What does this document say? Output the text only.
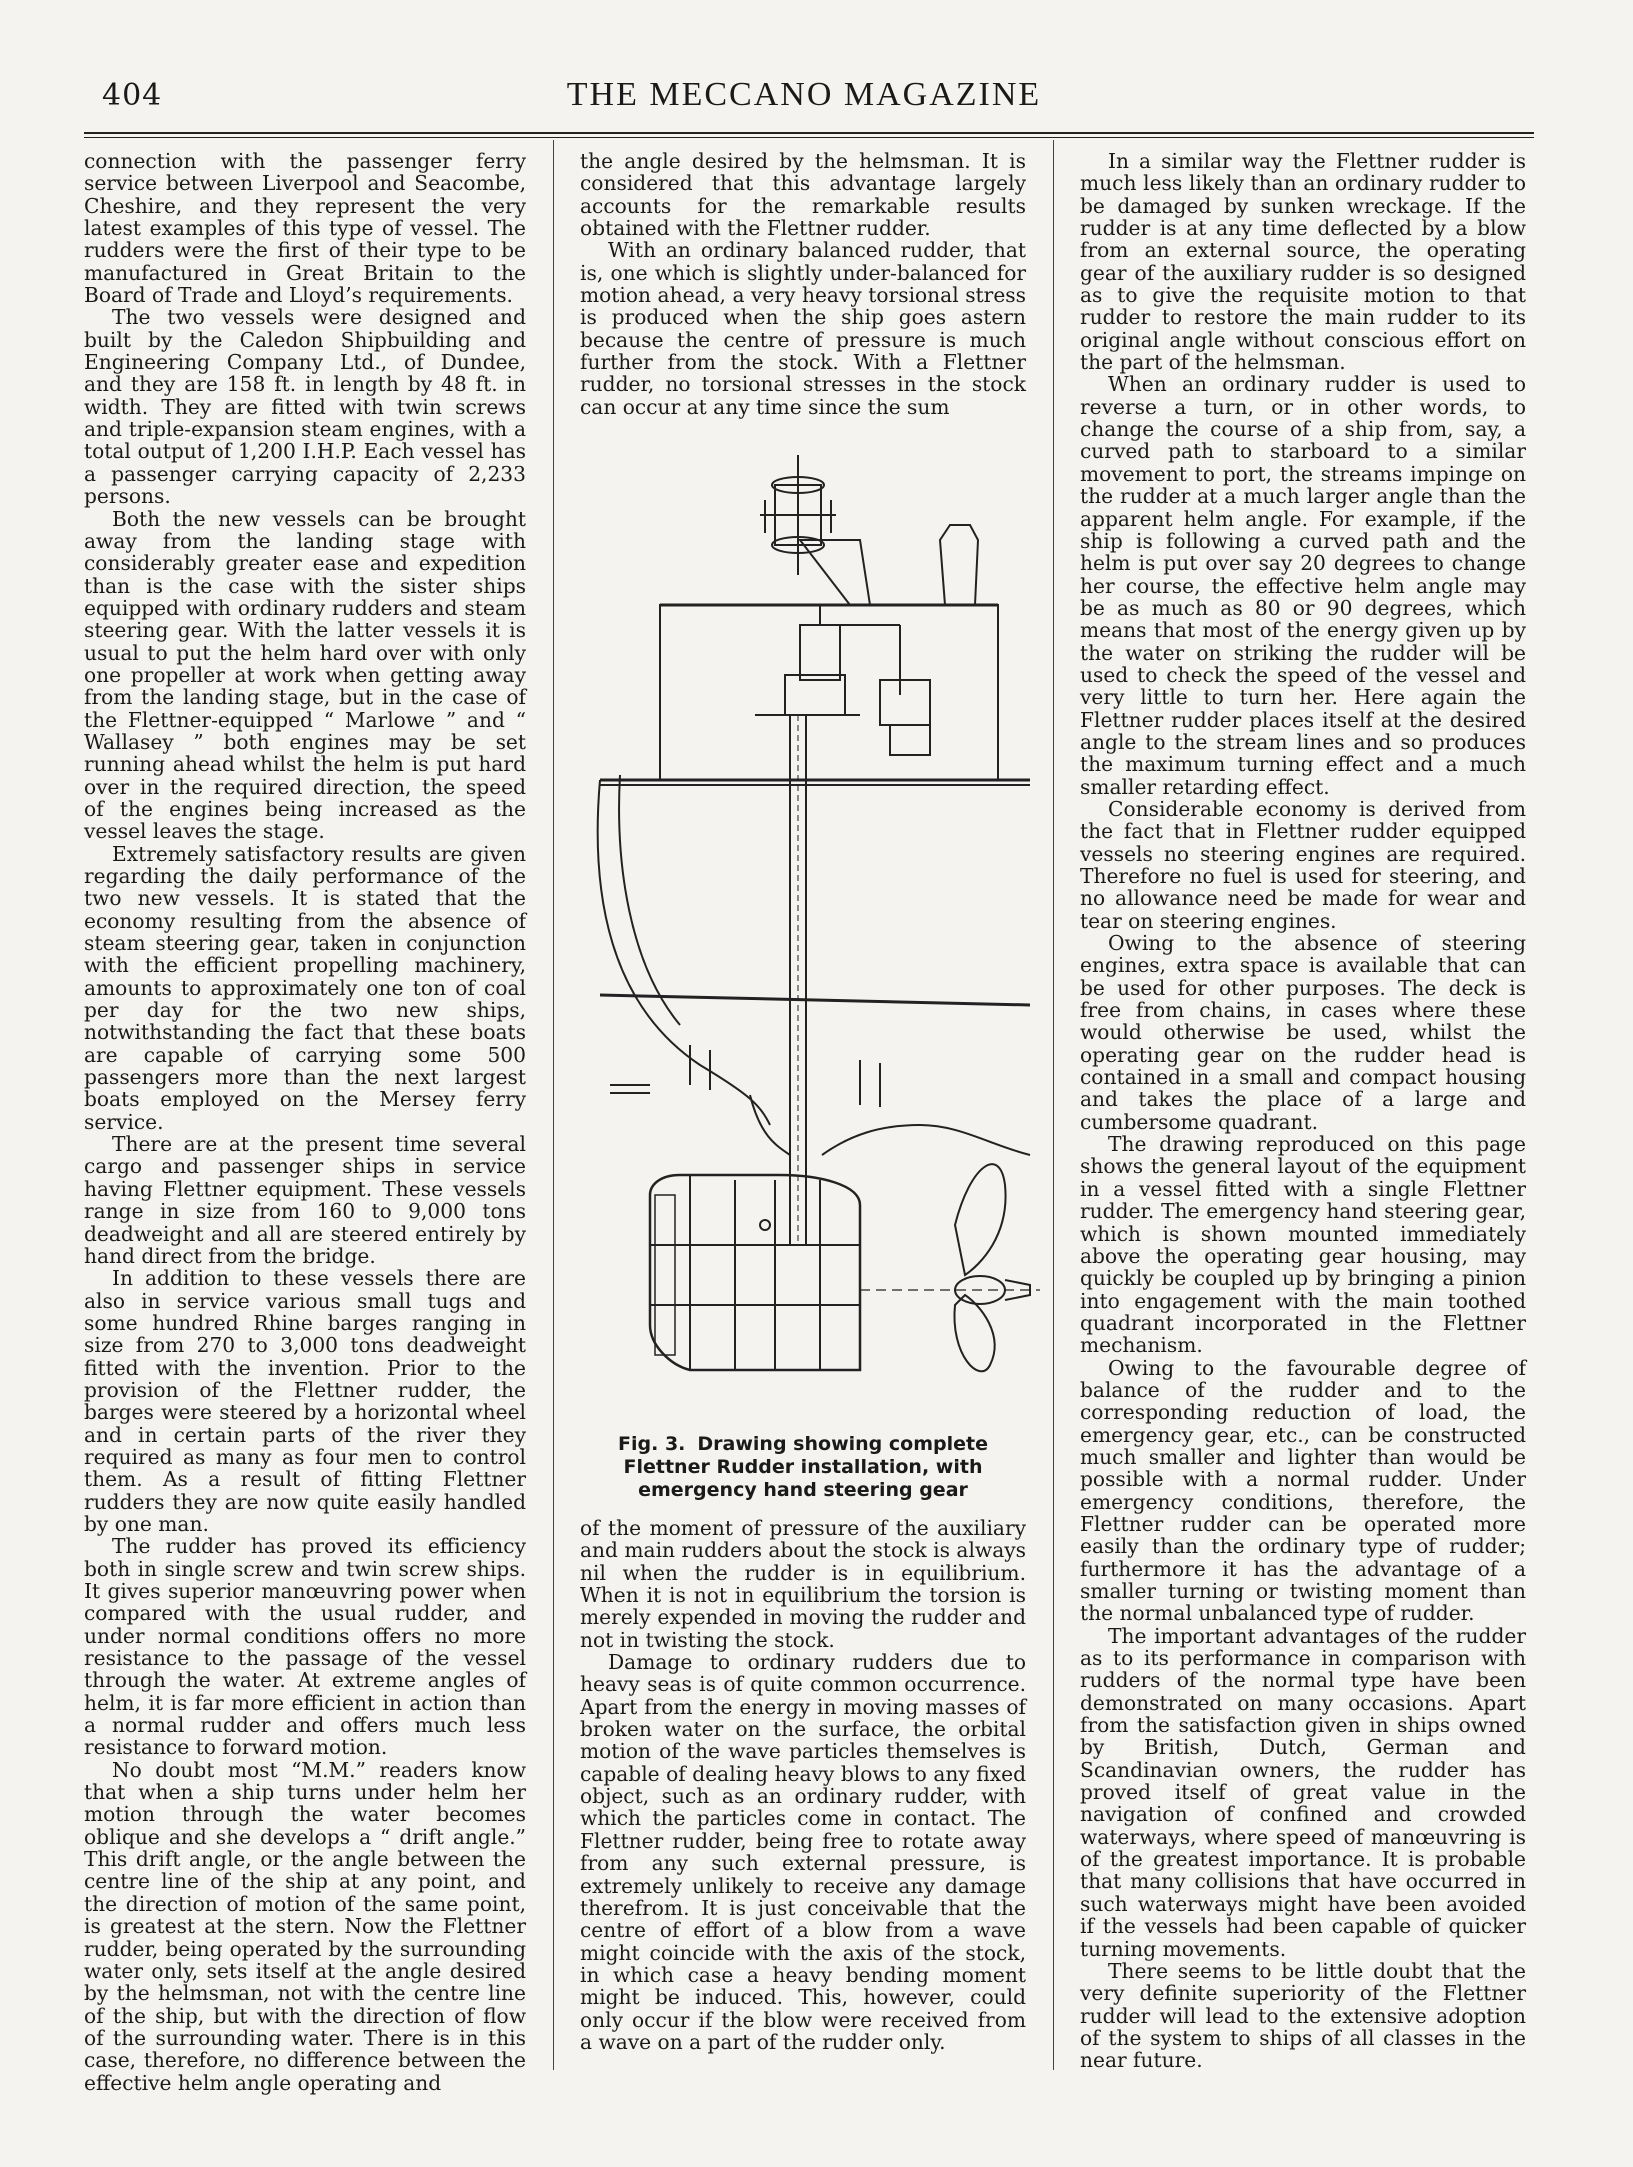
404	THE MECCANO MAGAZINE

connection with the passenger ferry service between Liverpool and Seacombe, Cheshire, and they represent the very latest examples of this type of vessel. The rudders were the first of their type to be manufactured in Great Britain to the Board of Trade and Lloyd’s requirements.

The two vessels were designed and built by the Caledon Shipbuilding and Engineering Company Ltd., of Dundee, and they are 158 ft. in length by 48 ft. in width. They are fitted with twin screws and triple-expansion steam engines, with a total output of 1,200 I.H.P. Each vessel has a passenger carrying capacity of 2,233 persons.

Both the new vessels can be brought away from the landing stage with considerably greater ease and expedition than is the case with the sister ships equipped with ordinary rudders and steam steering gear. With the latter vessels it is usual to put the helm hard over with only one propeller at work when getting away from the landing stage, but in the case of the Flettner-equipped “ Marlowe ” and “ Wallasey ” both engines may be set running ahead whilst the helm is put hard over in the required direction, the speed of the engines being increased as the vessel leaves the stage.

Extremely satisfactory results are given regarding the daily performance of the two new vessels. It is stated that the economy resulting from the absence of steam steering gear, taken in conjunction with the efficient propelling machinery, amounts to approximately one ton of coal per day for the two new ships, notwithstanding the fact that these boats are capable of carrying some 500 passengers more than the next largest boats employed on the Mersey ferry service.

There are at the present time several cargo and passenger ships in service having Flettner equipment. These vessels range in size from 160 to 9,000 tons deadweight and all are steered entirely by hand direct from the bridge.

In addition to these vessels there are also in service various small tugs and some hundred Rhine barges ranging in size from 270 to 3,000 tons deadweight fitted with the invention. Prior to the provision of the Flettner rudder, the barges were steered by a horizontal wheel and in certain parts of the river they required as many as four men to control them. As a result of fitting Flettner rudders they are now quite easily handled by one man.

The rudder has proved its efficiency both in single screw and twin screw ships. It gives superior manœuvring power when compared with the usual rudder, and under normal conditions offers no more resistance to the passage of the vessel through the water. At extreme angles of helm, it is far more efficient in action than a normal rudder and offers much less resistance to forward motion.

No doubt most “M.M.” readers know that when a ship turns under helm her motion through the water becomes oblique and she develops a “ drift angle.” This drift angle, or the angle between the centre line of the ship at any point, and the direction of motion of the same point, is greatest at the stern. Now the Flettner rudder, being operated by the surrounding water only, sets itself at the angle desired by the helmsman, not with the centre line of the ship, but with the direction of flow of the surrounding water. There is in this case, therefore, no difference between the effective helm angle operating and

the angle desired by the helmsman. It is considered that this advantage largely accounts for the remarkable results obtained with the Flettner rudder.

With an ordinary balanced rudder, that is, one which is slightly under-balanced for motion ahead, a very heavy torsional stress is produced when the ship goes astern because the centre of pressure is much further from the stock. With a Flettner rudder, no torsional stresses in the stock can occur at any time since the sum

Fig. 3. Drawing showing complete Flettner Rudder installation, with emergency hand steering gear

of the moment of pressure of the auxiliary and main rudders about the stock is always nil when the rudder is in equilibrium. When it is not in equilibrium the torsion is merely expended in moving the rudder and not in twisting the stock.

Damage to ordinary rudders due to heavy seas is of quite common occurrence. Apart from the energy in moving masses of broken water on the surface, the orbital motion of the wave particles themselves is capable of dealing heavy blows to any fixed object, such as an ordinary rudder, with which the particles come in contact. The Flettner rudder, being free to rotate away from any such external pressure, is extremely unlikely to receive any damage therefrom. It is just conceivable that the centre of effort of a blow from a wave might coincide with the axis of the stock, in which case a heavy bending moment might be induced. This, however, could only occur if the blow were received from a wave on a part of the rudder only.

In a similar way the Flettner rudder is much less likely than an ordinary rudder to be damaged by sunken wreckage. If the rudder is at any time deflected by a blow from an external source, the operating gear of the auxiliary rudder is so designed as to give the requisite motion to that rudder to restore the main rudder to its original angle without conscious effort on the part of the helmsman.

When an ordinary rudder is used to reverse a turn, or in other words, to change the course of a ship from, say, a curved path to starboard to a similar movement to port, the streams impinge on the rudder at a much larger angle than the apparent helm angle. For example, if the ship is following a curved path and the helm is put over say 20 degrees to change her course, the effective helm angle may be as much as 80 or 90 degrees, which means that most of the energy given up by the water on striking the rudder will be used to check the speed of the vessel and very little to turn her. Here again the Flettner rudder places itself at the desired angle to the stream lines and so produces the maximum turning effect and a much smaller retarding effect.

Considerable economy is derived from the fact that in Flettner rudder equipped vessels no steering engines are required. Therefore no fuel is used for steering, and no allowance need be made for wear and tear on steering engines.

Owing to the absence of steering engines, extra space is available that can be used for other purposes. The deck is free from chains, in cases where these would otherwise be used, whilst the operating gear on the rudder head is contained in a small and compact housing and takes the place of a large and cumbersome quadrant.

The drawing reproduced on this page shows the general layout of the equipment in a vessel fitted with a single Flettner rudder. The emergency hand steering gear, which is shown mounted immediately above the operating gear housing, may quickly be coupled up by bringing a pinion into engagement with the main toothed quadrant incorporated in the Flettner mechanism.

Owing to the favourable degree of balance of the rudder and to the corresponding reduction of load, the emergency gear, etc., can be constructed much smaller and lighter than would be possible with a normal rudder. Under emergency conditions, therefore, the Flettner rudder can be operated more easily than the ordinary type of rudder; furthermore it has the advantage of a smaller turning or twisting moment than the normal unbalanced type of rudder.

The important advantages of the rudder as to its performance in comparison with rudders of the normal type have been demonstrated on many occasions. Apart from the satisfaction given in ships owned by British, Dutch, German and Scandinavian owners, the rudder has proved itself of great value in the navigation of confined and crowded waterways, where speed of manœuvring is of the greatest importance. It is probable that many collisions that have occurred in such waterways might have been avoided if the vessels had been capable of quicker turning movements.

There seems to be little doubt that the very definite superiority of the Flettner rudder will lead to the extensive adoption of the system to ships of all classes in the near future.
